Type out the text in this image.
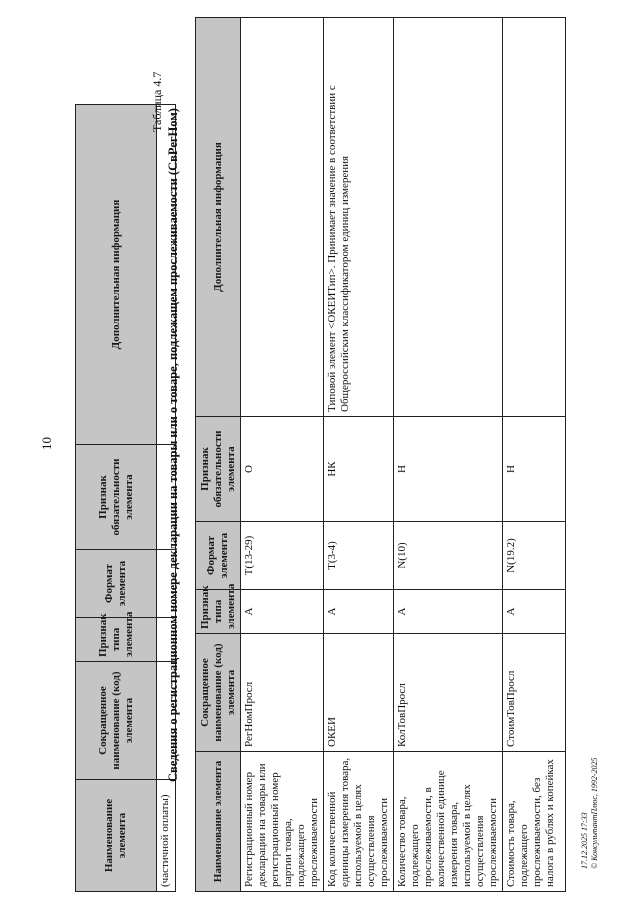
10
Наименование элемента	Сокращенное наименование (код) элемента	Признак типа элемента	Формат элемента	Признак обязательности элемента	Дополнительная информация
(частичной оплаты)					
Таблица 4.7
Сведения о регистрационном номере декларации на товары или о товаре, подлежащем прослеживаемости (СвРегНом)
Наименование элемента	Сокращенное наименование (код) элемента	Признак типа элемента	Формат элемента	Признак обязательности элемента	Дополнительная информация
Регистрационный номер декларации на товары или регистрационный номер партии товара, подлежащего прослеживаемости	РегНомПросл	А	T(13-29)	О	
Код количественной единицы измерения товара, используемой в целях осуществления прослеживаемости	ОКЕИ	А	T(3-4)	НК	Типовой элемент <ОКЕИТип>. Принимает значение в соответствии с Общероссийским классификатором единиц измерения
Количество товара, подлежащего прослеживаемости, в количественной единице измерения товара, используемой в целях осуществления прослеживаемости	КолТовПросл	А	N(10)	Н	
Стоимость товара, подлежащего прослеживаемости, без налога в рублях и копейках	СтоимТовПросл	А	N(19.2)	Н	
17.12.2025 17:33 © КонсультантПлюс, 1992-2025
